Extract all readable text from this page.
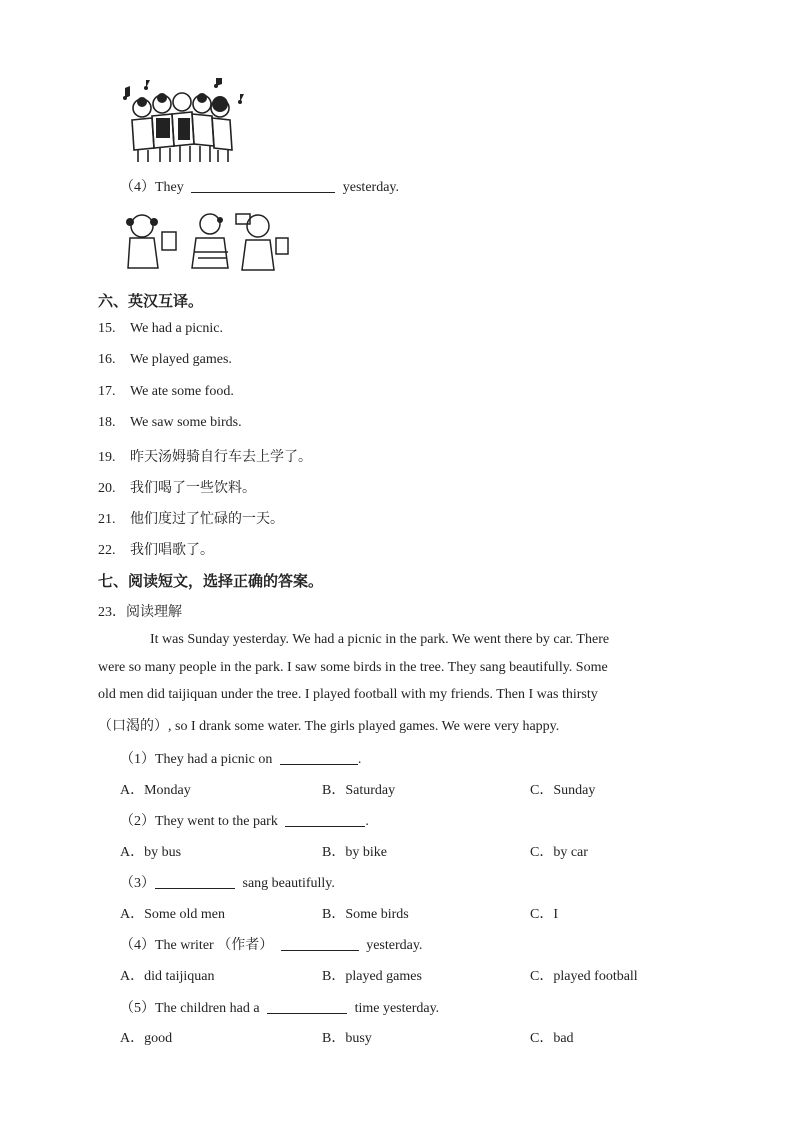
（4）They	yesterday.
六、英汉互译。
15. We had a picnic.
16. We played games.
17. We ate some food.
18. We saw some birds.
19. 昨天汤姆骑自行车去上学了。
20. 我们喝了一些饮料。
21. 他们度过了忙碌的一天。
22. 我们唱歌了。
七、阅读短文，选择正确的答案。
23．阅读理解
It was Sunday yesterday. We had a picnic in the park. We went there by car. There
were so many people in the park. I saw some birds in the tree. They sang beautifully. Some
old men did taijiquan under the tree. I played football with my friends. Then I was thirsty
（口渴的）, so I drank some water. The girls played games. We were very happy.
（1）They had a picnic on	.
A．Monday	B．Saturday	C．Sunday
（2）They went to the park	.
A．by bus	B．by bike	C．by car
（3）	sang beautifully.
A．Some old men	B．Some birds	C．I
（4）The writer （作者）	yesterday.
A．did taijiquan	B．played games	C．played football
（5）The children had a	time yesterday.
A．good	B．busy	C．bad
